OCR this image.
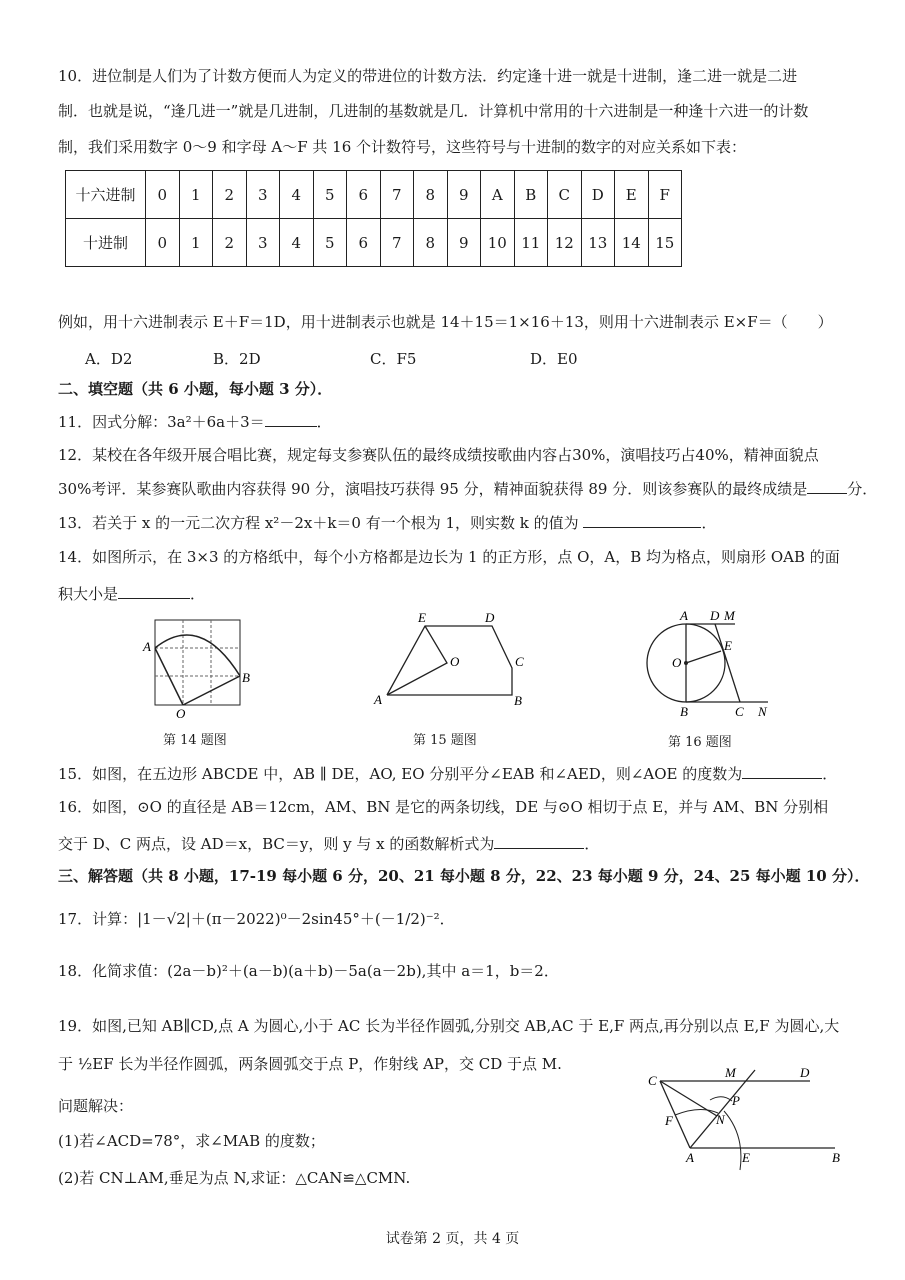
10．进位制是人们为了计数方便而人为定义的带进位的计数方法．约定逢十进一就是十进制，逢二进一就是二进
制．也就是说，“逢几进一”就是几进制，几进制的基数就是几．计算机中常用的十六进制是一种逢十六进一的计数
制，我们采用数字 0～9 和字母 A～F 共 16 个计数符号，这些符号与十进制的数字的对应关系如下表：
十六进制	0	1	2	3	4	5	6	7	8	9	A	B	C	D	E	F
十进制	0	1	2	3	4	5	6	7	8	9	10	11	12	13	14	15
例如，用十六进制表示 E＋F＝1D，用十进制表示也就是 14＋15＝1×16＋13，则用十六进制表示 E×F＝（　　）
A．D2	B．2D	C．F5	D．E0
二、填空题（共 6 小题，每小题 3 分）．
11．因式分解：3a²＋6a＋3＝	．
12．某校在各年级开展合唱比赛，规定每支参赛队伍的最终成绩按歌曲内容占30%，演唱技巧占40%，精神面貌点
30%考评．某参赛队歌曲内容获得 90 分，演唱技巧获得 95 分，精神面貌获得 89 分．则该参赛队的最终成绩是	分．
13．若关于 x 的一元二次方程 x²－2x＋k＝0 有一个根为 1，则实数 k 的值为	．
14．如图所示，在 3×3 的方格纸中，每个小方格都是边长为 1 的正方形，点 O，A，B 均为格点，则扇形 OAB 的面
积大小是	．
A
B
O
第 14 题图
E	D
O	C
A	B
第 15 题图
A D M
E
O
B	C N
第 16 题图
15．如图，在五边形 ABCDE 中，AB ∥ DE，AO, EO 分别平分∠EAB 和∠AED，则∠AOE 的度数为	．
16．如图，⊙O 的直径是 AB＝12cm，AM、BN 是它的两条切线，DE 与⊙O 相切于点 E，并与 AM、BN 分别相
交于 D、C 两点，设 AD＝x，BC＝y，则 y 与 x 的函数解析式为	．
三、解答题（共 8 小题，17-19 每小题 6 分，20、21 每小题 8 分，22、23 每小题 9 分，24、25 每小题 10 分）．
17．计算：|1－√2|＋(π－2022)⁰－2sin45°＋(－1/2)⁻²．
18．化简求值：(2a－b)²＋(a－b)(a＋b)－5a(a－2b),其中 a＝1，b＝2．
19．如图,已知 AB∥CD,点 A 为圆心,小于 AC 长为半径作圆弧,分别交 AB,AC 于 E,F 两点,再分别以点 E,F 为圆心,大
于 ½EF 长为半径作圆弧，两条圆弧交于点 P，作射线 AP，交 CD 于点 M.
问题解决：
(1)若∠ACD=78°，求∠MAB 的度数；
(2)若 CN⊥AM,垂足为点 N,求证：△CAN≌△CMN.
C
M	D
P
N
F
A	E	B
试卷第 2 页，共 4 页
